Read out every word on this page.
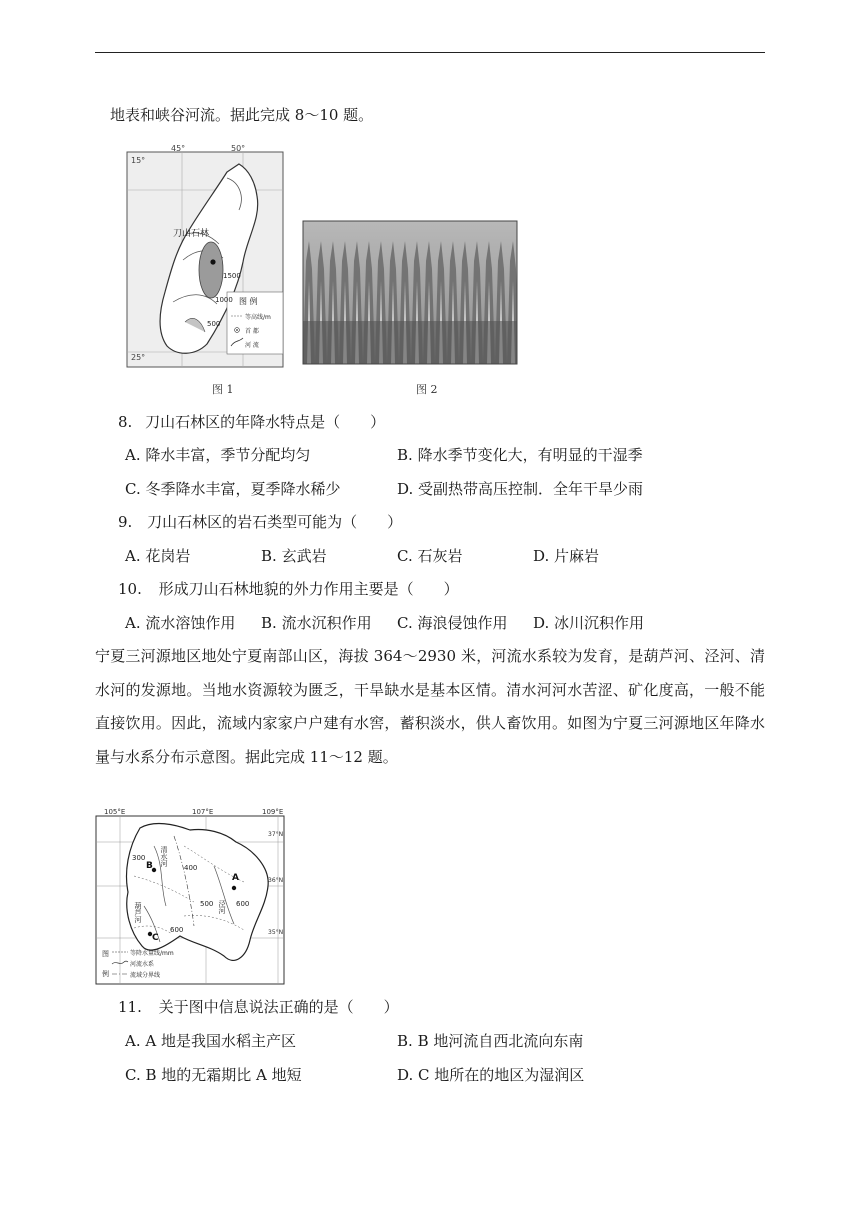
地表和峡谷河流。据此完成 8～10 题。
15°
25°
45°	50°
刀山石林
1500
1000
500
图 例
等高线/m
首 都
河 流
图 1	图 2
8. 刀山石林区的年降水特点是（　　）
A. 降水丰富，季节分配均匀	B. 降水季节变化大，有明显的干湿季
C. 冬季降水丰富，夏季降水稀少	D. 受副热带高压控制．全年干旱少雨
9. 刀山石林区的岩石类型可能为（　　）
A. 花岗岩	B. 玄武岩	C. 石灰岩	D. 片麻岩
10. 形成刀山石林地貌的外力作用主要是（　　）
A. 流水溶蚀作用 B. 流水沉积作用 C. 海浪侵蚀作用 D. 冰川沉积作用
宁夏三河源地区地处宁夏南部山区，海拔 364～2930 米，河流水系较为发育，是葫芦河、泾河、清水河的发源地。当地水资源较为匮乏，干旱缺水是基本区情。清水河河水苦涩、矿化度高，一般不能直接饮用。因此，流域内家家户户建有水窖，蓄积淡水，供人畜饮用。如图为宁夏三河源地区年降水量与水系分布示意图。据此完成 11～12 题。
105°E	107°E	109°E
37°N
36°N
35°N
300
400
500	600
600
A
B
C
清水河
葫芦河	泾河
图
例
等降水量线/mm
河流水系
流域分界线
11. 关于图中信息说法正确的是（　　）
A. A 地是我国水稻主产区	B. B 地河流自西北流向东南
C. B 地的无霜期比 A 地短	D. C 地所在的地区为湿润区
